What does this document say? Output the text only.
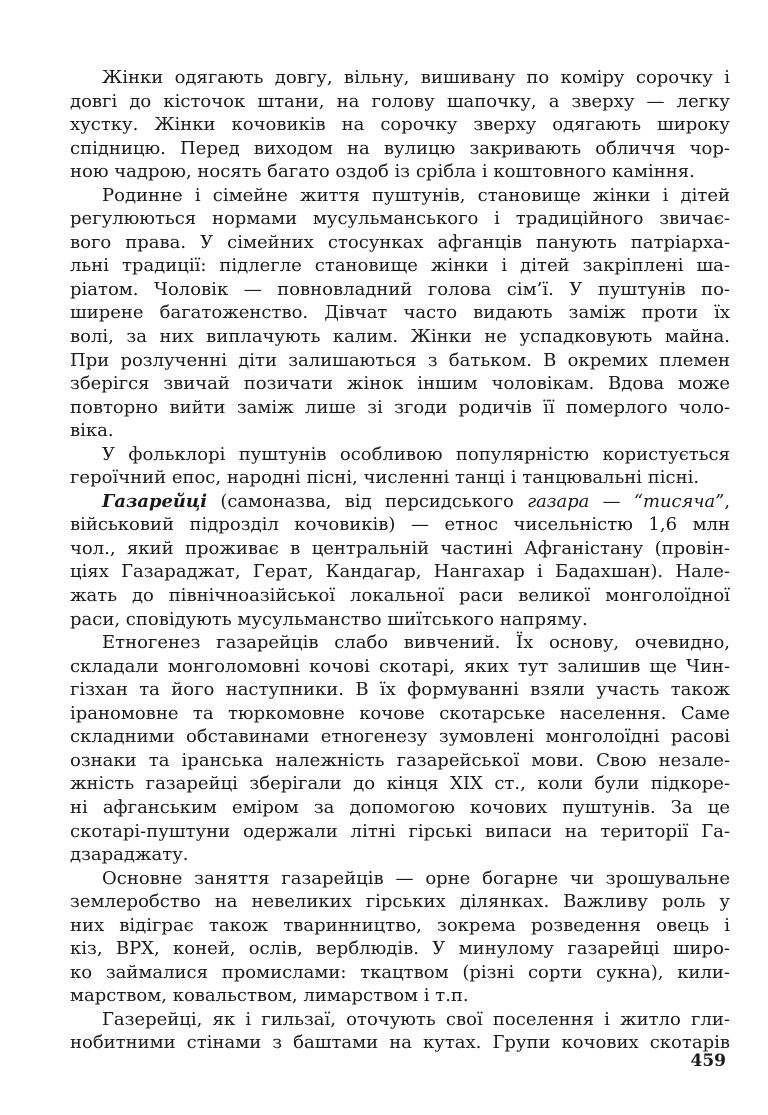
Жінки одягають довгу, вільну, вишивану по коміру сорочку і
довгі до кісточок штани, на голову шапочку, а зверху — легку
хустку. Жінки кочовиків на сорочку зверху одягають широку
спідницю. Перед виходом на вулицю закривають обличчя чор-
ною чадрою, носять багато оздоб із срібла і коштовного каміння.
Родинне і сімейне життя пуштунів, становище жінки і дітей
регулюються нормами мусульманського і традиційного звичає-
вого права. У сімейних стосунках афганців панують патріарха-
льні традиції: підлегле становище жінки і дітей закріплені ша-
ріатом. Чоловік — повновладний голова сім’ї. У пуштунів по-
ширене багатоженство. Дівчат часто видають заміж проти їх
волі, за них виплачують калим. Жінки не успадковують майна.
При розлученні діти залишаються з батьком. В окремих племен
зберігся звичай позичати жінок іншим чоловікам. Вдова може
повторно вийти заміж лише зі згоди родичів її померлого чоло-
віка.
У фольклорі пуштунів особливою популярністю користується
героїчний епос, народні пісні, численні танці і танцювальні пісні.
Газарейці (самоназва, від персидського газара — “тисяча”,
військовий підрозділ кочовиків) — етнос чисельністю 1,6 млн
чол., який проживає в центральній частині Афганістану (провін-
ціях Газараджат, Герат, Кандагар, Нангахар і Бадахшан). Нале-
жать до північноазійської локальної раси великої монголоїдної
раси, сповідують мусульманство шиїтського напряму.
Етногенез газарейців слабо вивчений. Їх основу, очевидно,
складали монголомовні кочові скотарі, яких тут залишив ще Чин-
гізхан та його наступники. В їх формуванні взяли участь також
іраномовне та тюркомовне кочове скотарське населення. Саме
складними обставинами етногенезу зумовлені монголоїдні расові
ознаки та іранська належність газарейської мови. Свою незале-
жність газарейці зберігали до кінця XIX ст., коли були підкоре-
ні афганським еміром за допомогою кочових пуштунів. За це
скотарі-пуштуни одержали літні гірські випаси на території Га-
дзараджату.
Основне заняття газарейців — орне богарне чи зрошувальне
землеробство на невеликих гірських ділянках. Важливу роль у
них відіграє також тваринництво, зокрема розведення овець і
кіз, ВРХ, коней, ослів, верблюдів. У минулому газарейці широ-
ко займалися промислами: ткацтвом (різні сорти сукна), кили-
марством, ковальством, лимарством і т.п.
Газерейці, як і гильзаї, оточують свої поселення і житло гли-
нобитними стінами з баштами на кутах. Групи кочових скотарів
459
